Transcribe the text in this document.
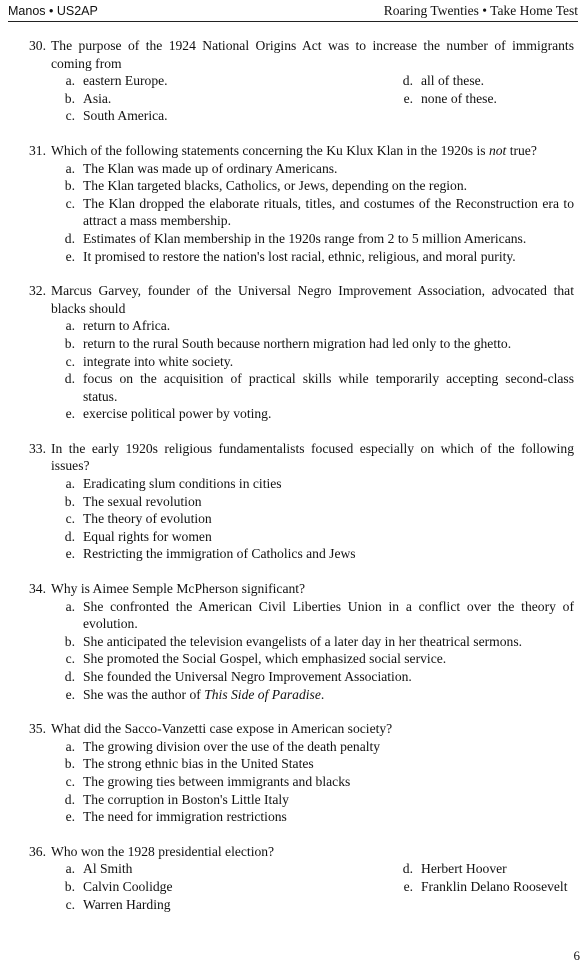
Manos • US2AP	Roaring Twenties • Take Home Test
30. The purpose of the 1924 National Origins Act was to increase the number of immigrants coming from
a. eastern Europe.
b. Asia.
c. South America.
d. all of these.
e. none of these.
31. Which of the following statements concerning the Ku Klux Klan in the 1920s is not true?
a. The Klan was made up of ordinary Americans.
b. The Klan targeted blacks, Catholics, or Jews, depending on the region.
c. The Klan dropped the elaborate rituals, titles, and costumes of the Reconstruction era to attract a mass membership.
d. Estimates of Klan membership in the 1920s range from 2 to 5 million Americans.
e. It promised to restore the nation's lost racial, ethnic, religious, and moral purity.
32. Marcus Garvey, founder of the Universal Negro Improvement Association, advocated that blacks should
a. return to Africa.
b. return to the rural South because northern migration had led only to the ghetto.
c. integrate into white society.
d. focus on the acquisition of practical skills while temporarily accepting second-class status.
e. exercise political power by voting.
33. In the early 1920s religious fundamentalists focused especially on which of the following issues?
a. Eradicating slum conditions in cities
b. The sexual revolution
c. The theory of evolution
d. Equal rights for women
e. Restricting the immigration of Catholics and Jews
34. Why is Aimee Semple McPherson significant?
a. She confronted the American Civil Liberties Union in a conflict over the theory of evolution.
b. She anticipated the television evangelists of a later day in her theatrical sermons.
c. She promoted the Social Gospel, which emphasized social service.
d. She founded the Universal Negro Improvement Association.
e. She was the author of This Side of Paradise.
35. What did the Sacco-Vanzetti case expose in American society?
a. The growing division over the use of the death penalty
b. The strong ethnic bias in the United States
c. The growing ties between immigrants and blacks
d. The corruption in Boston's Little Italy
e. The need for immigration restrictions
36. Who won the 1928 presidential election?
a. Al Smith
b. Calvin Coolidge
c. Warren Harding
d. Herbert Hoover
e. Franklin Delano Roosevelt
6
